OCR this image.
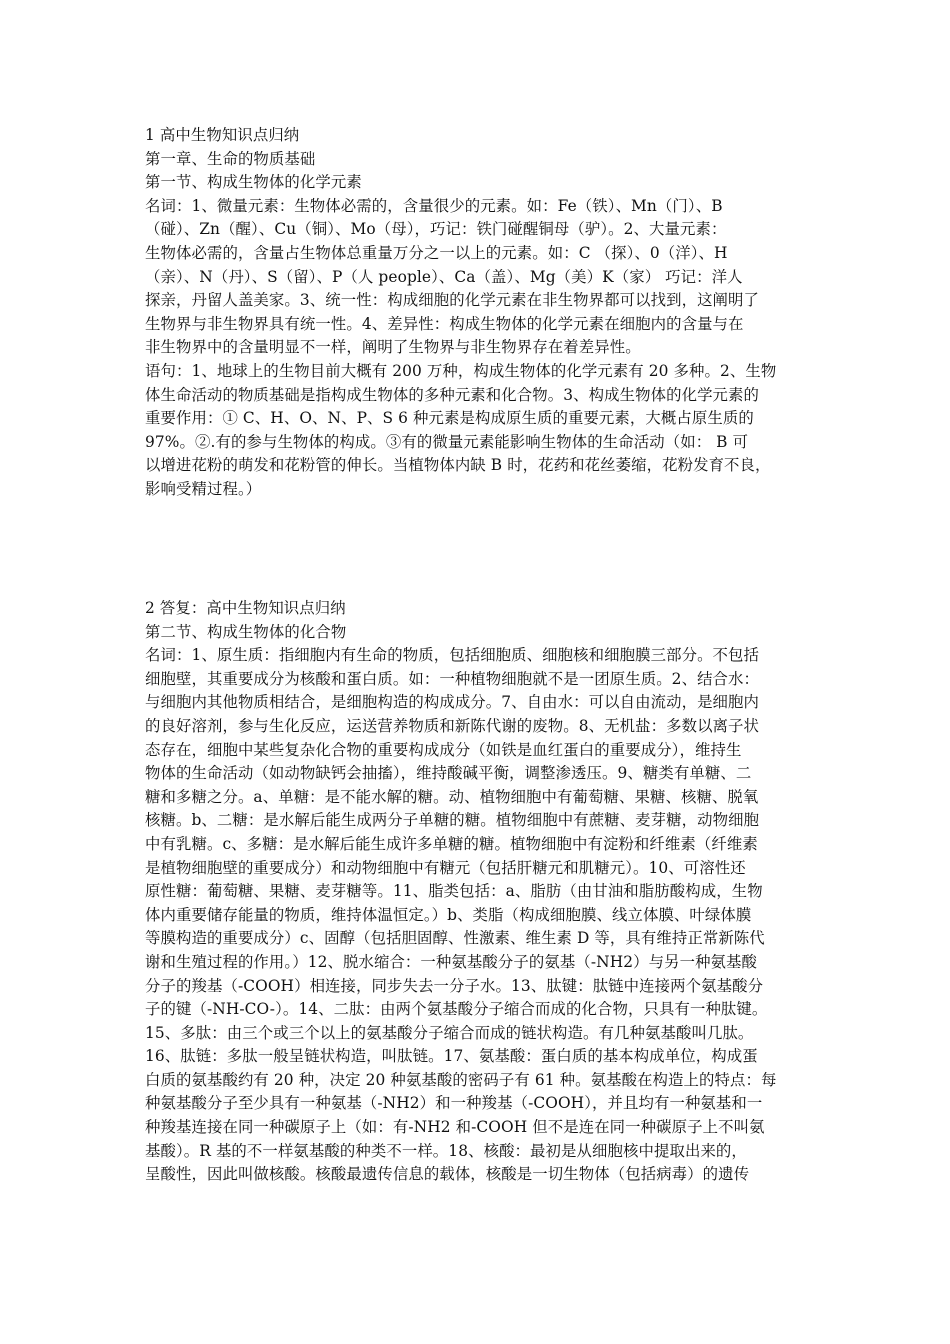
1 高中生物知识点归纳
第一章、生命的物质基础
第一节、构成生物体的化学元素
名词：1、微量元素：生物体必需的，含量很少的元素。如：Fe（铁）、Mn（门）、B
（碰）、Zn（醒）、Cu（铜）、Mo（母），巧记：铁门碰醒铜母（驴）。2、大量元素：
生物体必需的，含量占生物体总重量万分之一以上的元素。如：C （探）、0（洋）、H
（亲）、N（丹）、S（留）、P（人 people）、Ca（盖）、Mg（美）K（家） 巧记：洋人
探亲，丹留人盖美家。3、统一性：构成细胞的化学元素在非生物界都可以找到，这阐明了
生物界与非生物界具有统一性。4、差异性：构成生物体的化学元素在细胞内的含量与在
非生物界中的含量明显不一样，阐明了生物界与非生物界存在着差异性。
语句：1、地球上的生物目前大概有 200 万种，构成生物体的化学元素有 20 多种。2、生物
体生命活动的物质基础是指构成生物体的多种元素和化合物。3、构成生物体的化学元素的
重要作用：① C、H、O、N、P、S 6 种元素是构成原生质的重要元素，大概占原生质的
97%。②.有的参与生物体的构成。③有的微量元素能影响生物体的生命活动（如： B 可
以增进花粉的萌发和花粉管的伸长。当植物体内缺 B 时，花药和花丝萎缩，花粉发育不良，
影响受精过程。）
2 答复：高中生物知识点归纳
第二节、构成生物体的化合物
名词：1、原生质：指细胞内有生命的物质，包括细胞质、细胞核和细胞膜三部分。不包括
细胞壁，其重要成分为核酸和蛋白质。如：一种植物细胞就不是一团原生质。2、结合水：
与细胞内其他物质相结合，是细胞构造的构成成分。7、自由水：可以自由流动，是细胞内
的良好溶剂，参与生化反应，运送营养物质和新陈代谢的废物。8、无机盐：多数以离子状
态存在，细胞中某些复杂化合物的重要构成成分（如铁是血红蛋白的重要成分），维持生
物体的生命活动（如动物缺钙会抽搐），维持酸碱平衡，调整渗透压。9、糖类有单糖、二
糖和多糖之分。a、单糖：是不能水解的糖。动、植物细胞中有葡萄糖、果糖、核糖、脱氧
核糖。b、二糖：是水解后能生成两分子单糖的糖。植物细胞中有蔗糖、麦芽糖，动物细胞
中有乳糖。c、多糖：是水解后能生成许多单糖的糖。植物细胞中有淀粉和纤维素（纤维素
是植物细胞壁的重要成分）和动物细胞中有糖元（包括肝糖元和肌糖元）。10、可溶性还
原性糖：葡萄糖、果糖、麦芽糖等。11、脂类包括：a、脂肪（由甘油和脂肪酸构成，生物
体内重要储存能量的物质，维持体温恒定。）b、类脂（构成细胞膜、线立体膜、叶绿体膜
等膜构造的重要成分）c、固醇（包括胆固醇、性激素、维生素 D 等，具有维持正常新陈代
谢和生殖过程的作用。）12、脱水缩合：一种氨基酸分子的氨基（-NH2）与另一种氨基酸
分子的羧基（-COOH）相连接，同步失去一分子水。13、肽键：肽链中连接两个氨基酸分
子的键（-NH-CO-）。14、二肽：由两个氨基酸分子缩合而成的化合物，只具有一种肽键。
15、多肽：由三个或三个以上的氨基酸分子缩合而成的链状构造。有几种氨基酸叫几肽。
16、肽链：多肽一般呈链状构造，叫肽链。17、氨基酸：蛋白质的基本构成单位，构成蛋
白质的氨基酸约有 20 种，决定 20 种氨基酸的密码子有 61 种。氨基酸在构造上的特点：每
种氨基酸分子至少具有一种氨基（-NH2）和一种羧基（-COOH），并且均有一种氨基和一
种羧基连接在同一种碳原子上（如：有-NH2 和-COOH 但不是连在同一种碳原子上不叫氨
基酸）。R 基的不一样氨基酸的种类不一样。18、核酸：最初是从细胞核中提取出来的，
呈酸性，因此叫做核酸。核酸最遗传信息的载体，核酸是一切生物体（包括病毒）的遗传
